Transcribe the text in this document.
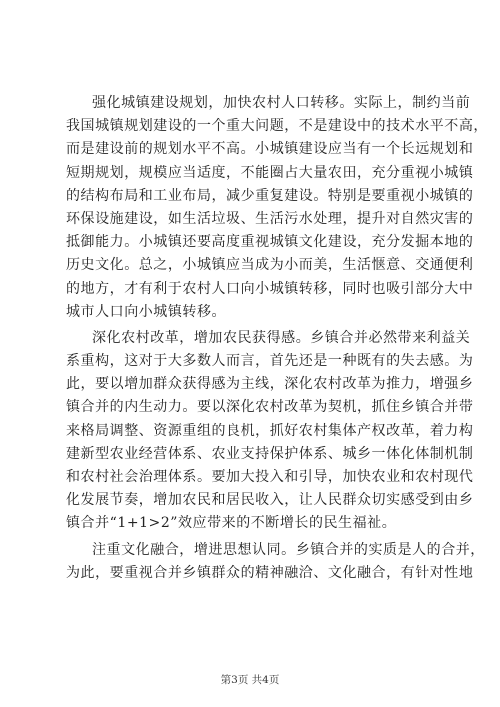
强化城镇建设规划，加快农村人口转移。实际上，制约当前
我国城镇规划建设的一个重大问题，不是建设中的技术水平不高，
而是建设前的规划水平不高。小城镇建设应当有一个长远规划和
短期规划，规模应当适度，不能圈占大量农田，充分重视小城镇
的结构布局和工业布局，减少重复建设。特别是要重视小城镇的
环保设施建设，如生活垃圾、生活污水处理，提升对自然灾害的
抵御能力。小城镇还要高度重视城镇文化建设，充分发掘本地的
历史文化。总之，小城镇应当成为小而美，生活惬意、交通便利
的地方，才有利于农村人口向小城镇转移，同时也吸引部分大中
城市人口向小城镇转移。
深化农村改革，增加农民获得感。乡镇合并必然带来利益关
系重构，这对于大多数人而言，首先还是一种既有的失去感。为
此，要以增加群众获得感为主线，深化农村改革为推力，增强乡
镇合并的内生动力。要以深化农村改革为契机，抓住乡镇合并带
来格局调整、资源重组的良机，抓好农村集体产权改革，着力构
建新型农业经营体系、农业支持保护体系、城乡一体化体制机制
和农村社会治理体系。要加大投入和引导，加快农业和农村现代
化发展节奏，增加农民和居民收入，让人民群众切实感受到由乡
镇合并“1+1>2”效应带来的不断增长的民生福祉。
注重文化融合，增进思想认同。乡镇合并的实质是人的合并，
为此，要重视合并乡镇群众的精神融洽、文化融合，有针对性地
第3页 共4页
